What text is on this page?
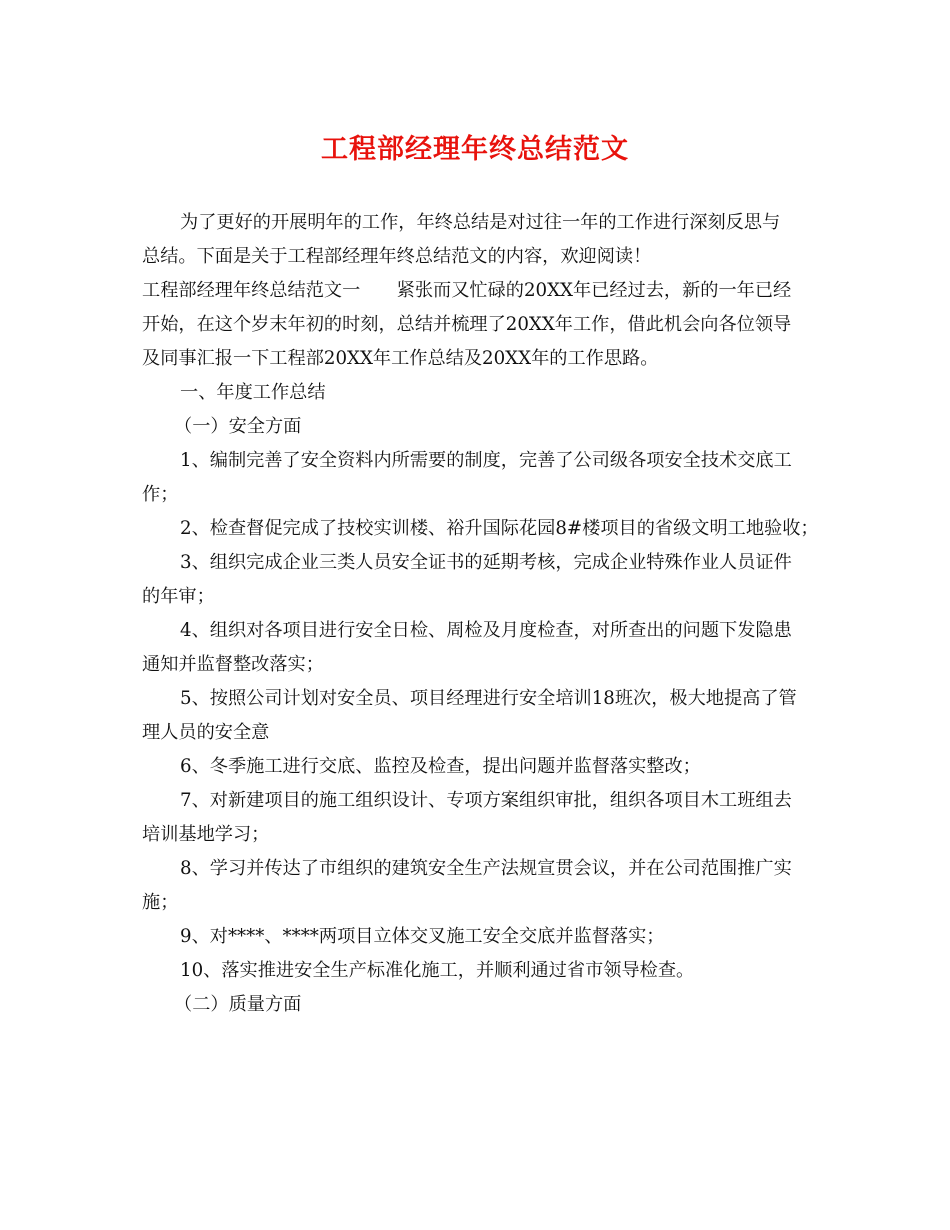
工程部经理年终总结范文

为了更好的开展明年的工作，年终总结是对过往一年的工作进行深刻反思与

总结。下面是关于工程部经理年终总结范文的内容，欢迎阅读！

工程部经理年终总结范文一　　紧张而又忙碌的20XX年已经过去，新的一年已经

开始，在这个岁末年初的时刻，总结并梳理了20XX年工作，借此机会向各位领导

及同事汇报一下工程部20XX年工作总结及20XX年的工作思路。

一、年度工作总结

（一）安全方面

1、编制完善了安全资料内所需要的制度，完善了公司级各项安全技术交底工

作；

2、检查督促完成了技校实训楼、裕升国际花园8#楼项目的省级文明工地验收；

3、组织完成企业三类人员安全证书的延期考核，完成企业特殊作业人员证件

的年审；

4、组织对各项目进行安全日检、周检及月度检查，对所查出的问题下发隐患

通知并监督整改落实；

5、按照公司计划对安全员、项目经理进行安全培训18班次，极大地提高了管

理人员的安全意

6、冬季施工进行交底、监控及检查，提出问题并监督落实整改；

7、对新建项目的施工组织设计、专项方案组织审批，组织各项目木工班组去

培训基地学习；

8、学习并传达了市组织的建筑安全生产法规宣贯会议，并在公司范围推广实

施；

9、对****、****两项目立体交叉施工安全交底并监督落实；

10、落实推进安全生产标准化施工，并顺利通过省市领导检查。

（二）质量方面
